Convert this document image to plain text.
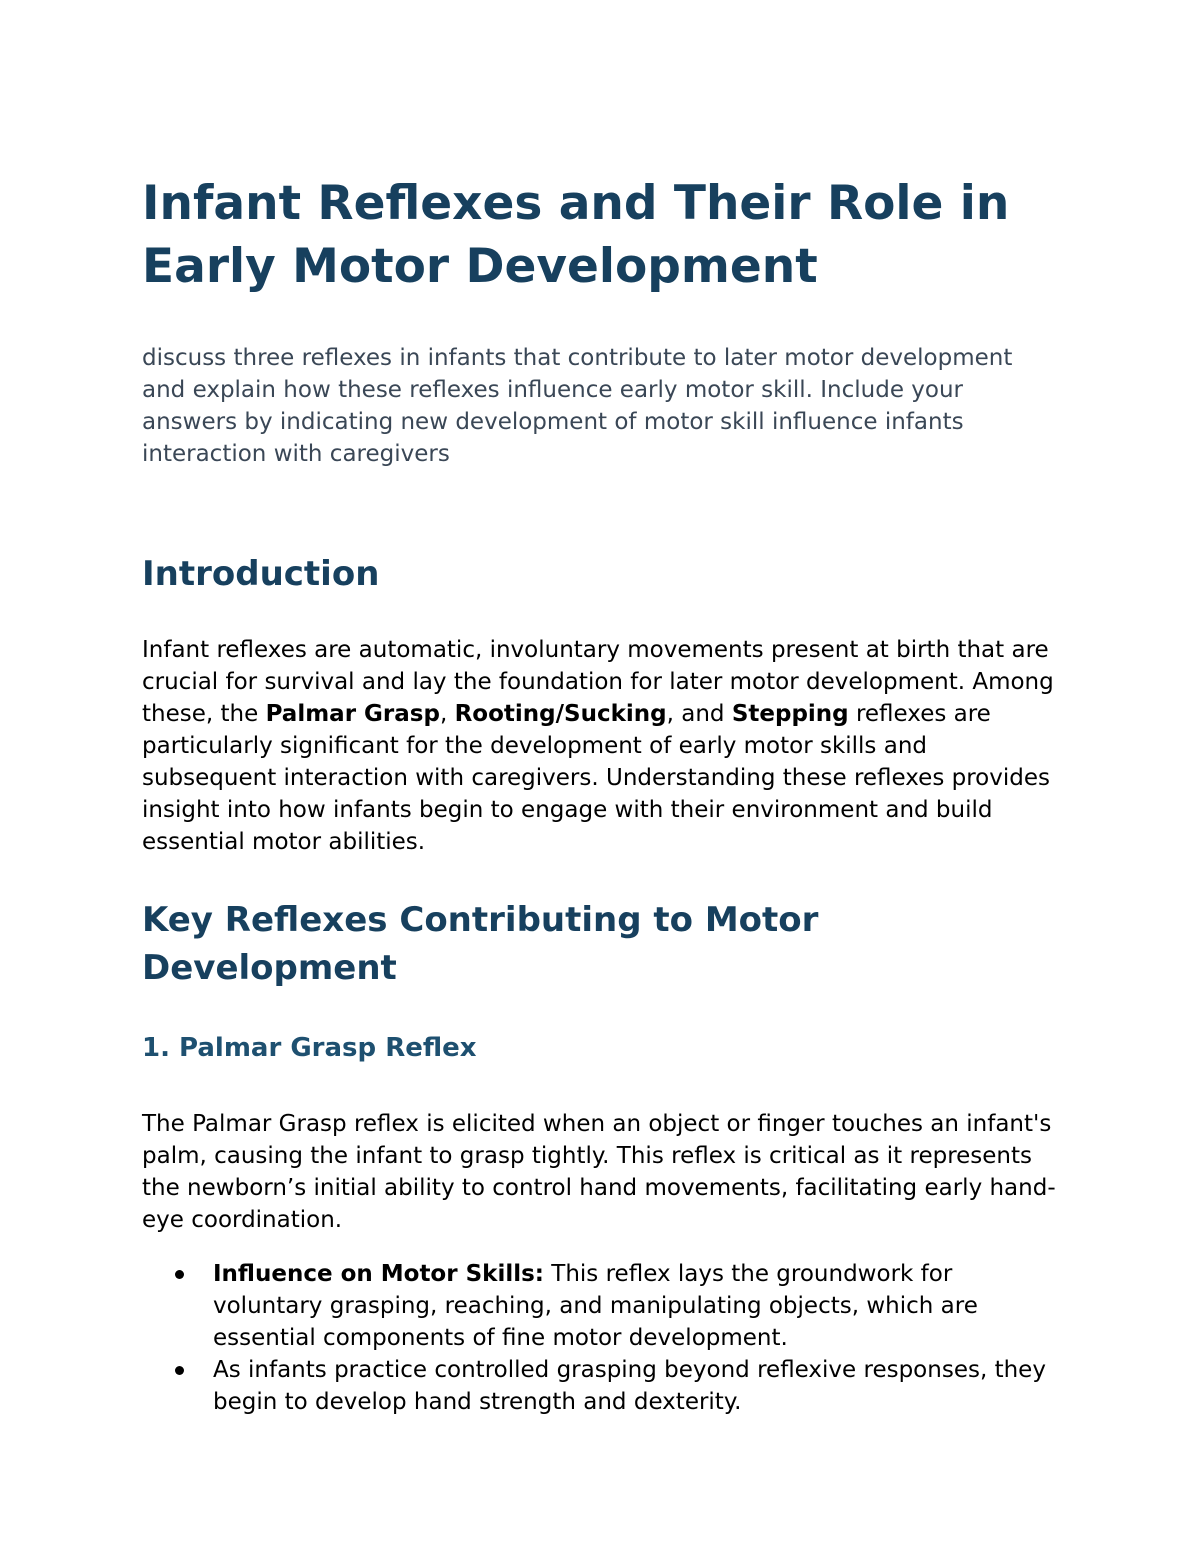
Infant Reflexes and Their Role in Early Motor Development

discuss three reflexes in infants that contribute to later motor development and explain how these reflexes influence early motor skill. Include your answers by indicating new development of motor skill influence infants interaction with caregivers

Introduction

Infant reflexes are automatic, involuntary movements present at birth that are crucial for survival and lay the foundation for later motor development. Among these, the Palmar Grasp, Rooting/Sucking, and Stepping reflexes are particularly significant for the development of early motor skills and subsequent interaction with caregivers. Understanding these reflexes provides insight into how infants begin to engage with their environment and build essential motor abilities.

Key Reflexes Contributing to Motor Development
1. Palmar Grasp Reflex

The Palmar Grasp reflex is elicited when an object or finger touches an infant's palm, causing the infant to grasp tightly. This reflex is critical as it represents the newborn’s initial ability to control hand movements, facilitating early hand-eye coordination.

Influence on Motor Skills: This reflex lays the groundwork for voluntary grasping, reaching, and manipulating objects, which are essential components of fine motor development.
As infants practice controlled grasping beyond reflexive responses, they begin to develop hand strength and dexterity.
